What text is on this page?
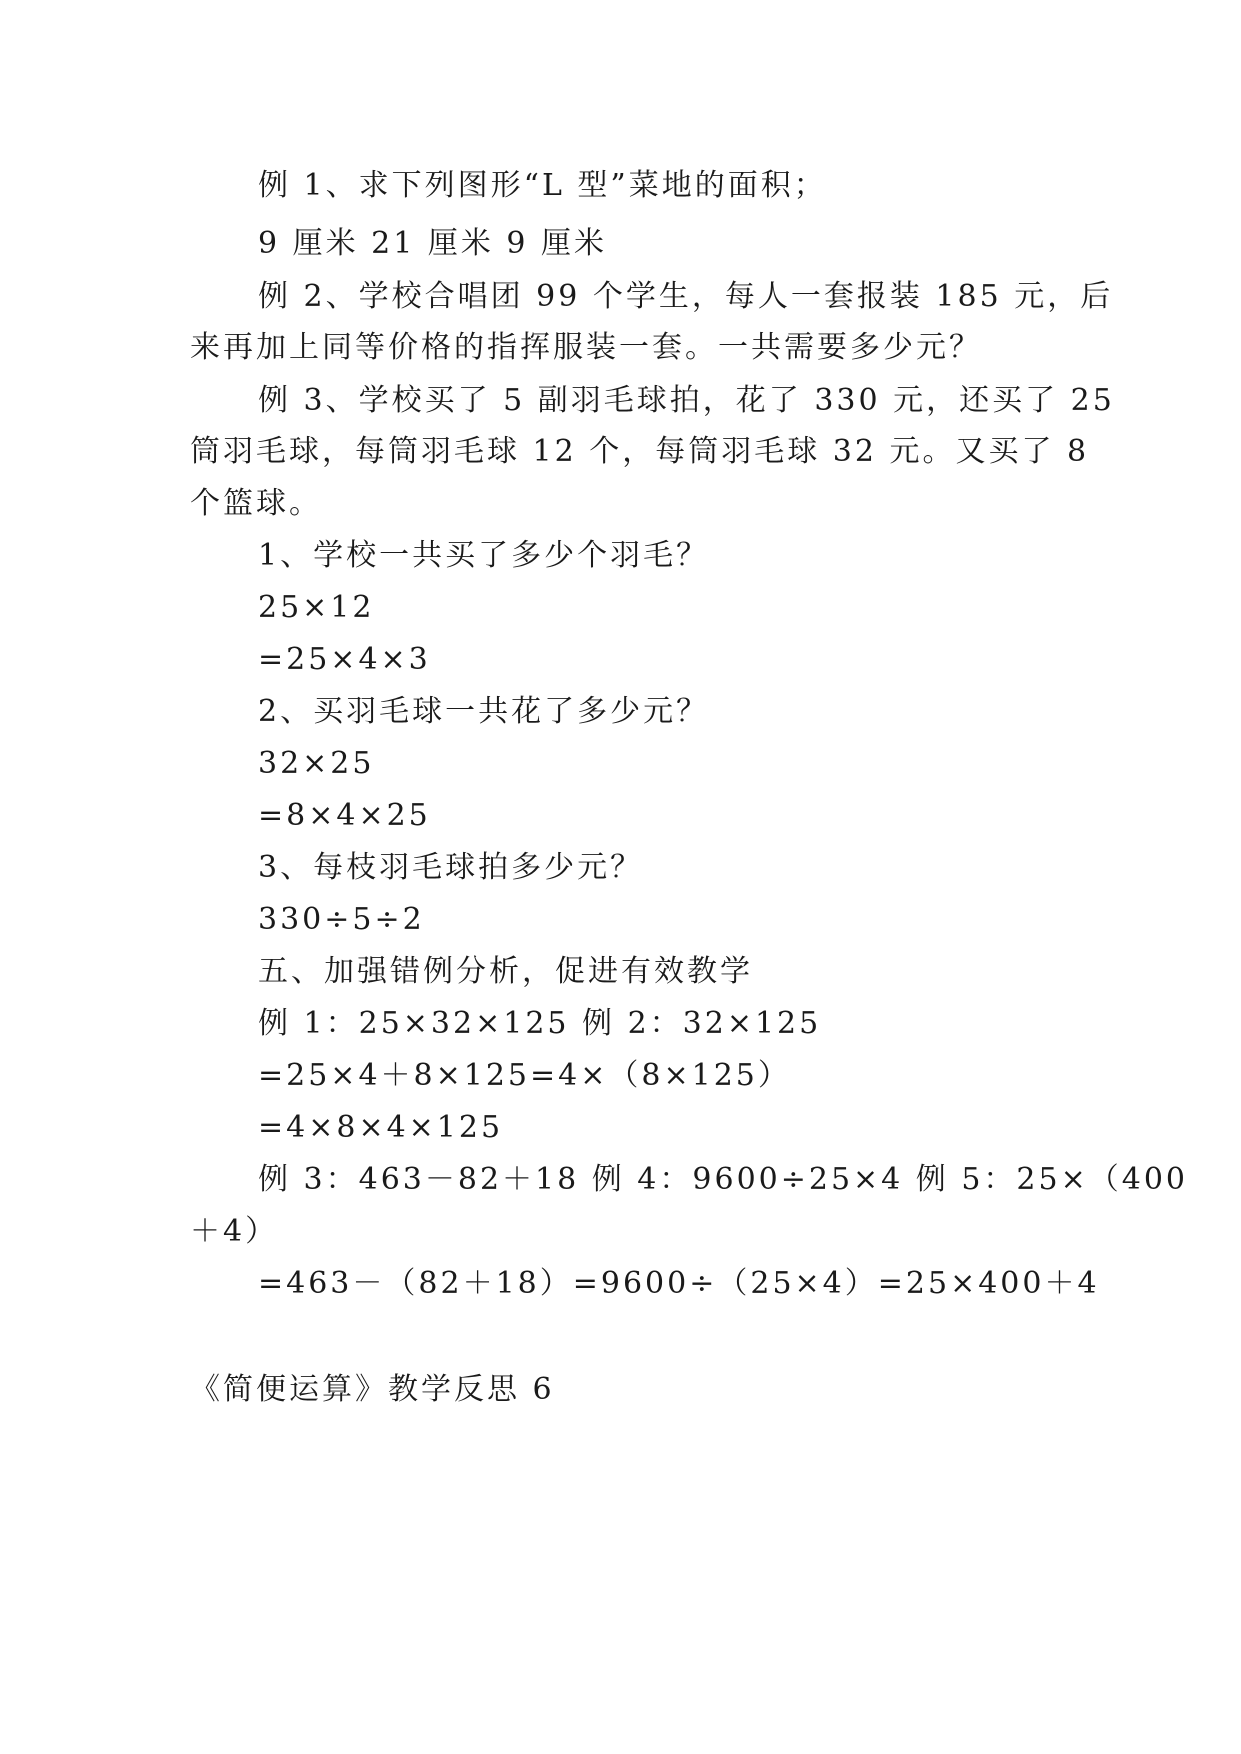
例 1、求下列图形“L 型”菜地的面积；
9 厘米 21 厘米 9 厘米
例 2、学校合唱团 99 个学生，每人一套报装 185 元，后
来再加上同等价格的指挥服装一套。一共需要多少元？
例 3、学校买了 5 副羽毛球拍，花了 330 元，还买了 25
筒羽毛球，每筒羽毛球 12 个，每筒羽毛球 32 元。又买了 8
个篮球。
1、学校一共买了多少个羽毛？
25×12
=25×4×3
2、买羽毛球一共花了多少元？
32×25
=8×4×25
3、每枝羽毛球拍多少元？
330÷5÷2
五、加强错例分析，促进有效教学
例 1：25×32×125 例 2：32×125
=25×4＋8×125=4×（8×125）
=4×8×4×125
例 3：463－82＋18 例 4：9600÷25×4 例 5：25×（400
＋4）
=463－（82＋18）=9600÷（25×4）=25×400＋4
《简便运算》教学反思 6
